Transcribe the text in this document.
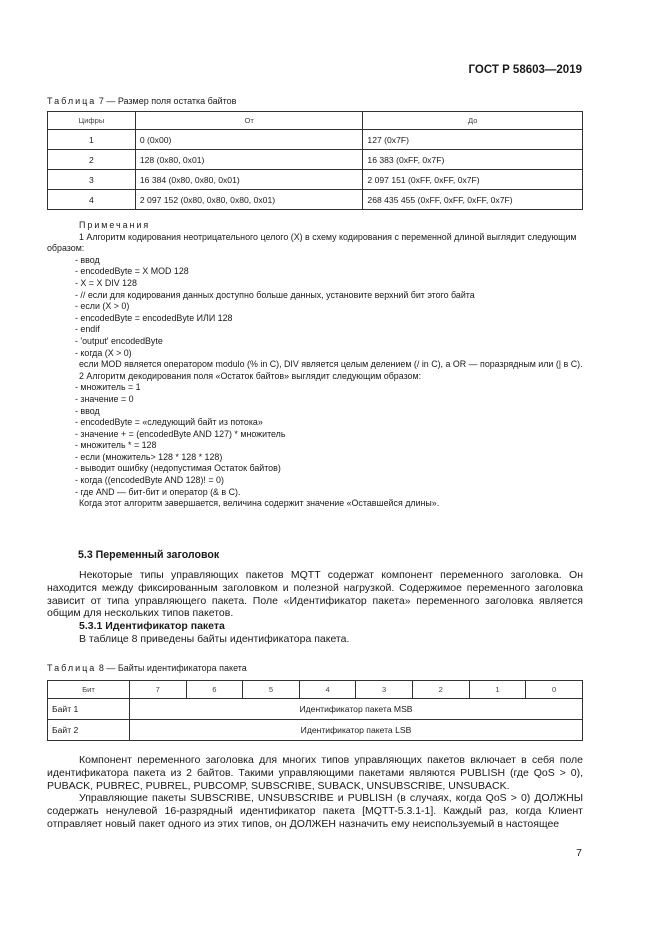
ГОСТ Р 58603—2019
Таблица 7 — Размер поля остатка байтов
Цифры	От	До
1	0 (0x00)	127 (0x7F)
2	128 (0x80, 0x01)	16 383 (0xFF, 0x7F)
3	16 384 (0x80, 0x80, 0x01)	2 097 151 (0xFF, 0xFF, 0x7F)
4	2 097 152 (0x80, 0x80, 0x80, 0x01)	268 435 455 (0xFF, 0xFF, 0xFF, 0x7F)

Примечания

1 Алгоритм кодирования неотрицательного целого (X) в схему кодирования с переменной длиной выглядит следующим образом:

- ввод

- encodedByte = X MOD 128

- X = X DIV 128

- // если для кодирования данных доступно больше данных, установите верхний бит этого байта

- если (X > 0)

- encodedByte = encodedByte ИЛИ 128

- endif

- 'output' encodedByte

- когда (X > 0)

если MOD является оператором modulo (% in C), DIV является целым делением (/ in C), а OR — поразрядным или (| в C).

2 Алгоритм декодирования поля «Остаток байтов» выглядит следующим образом:

- множитель = 1

- значение = 0

- ввод

- encodedByte = «следующий байт из потока»

- значение + = (encodedByte AND 127) * множитель

- множитель * = 128

- если (множитель> 128 * 128 * 128)

- выводит ошибку (недопустимая Остаток байтов)

- когда ((encodedByte AND 128)! = 0)

- где AND — бит-бит и оператор (& в C).

Когда этот алгоритм завершается, величина содержит значение «Оставшейся длины».

5.3 Переменный заголовок

Некоторые типы управляющих пакетов MQTT содержат компонент переменного заголовка. Он находится между фиксированным заголовком и полезной нагрузкой. Содержимое переменного заголовка зависит от типа управляющего пакета. Поле «Идентификатор пакета» переменного заголовка является общим для нескольких типов пакетов.

5.3.1 Идентификатор пакета

В таблице 8 приведены байты идентификатора пакета.

Таблица 8 — Байты идентификатора пакета
Бит	7	6	5	4	3	2	1	0
Байт 1	Идентификатор пакета MSB							
Байт 2	Идентификатор пакета LSB							

Компонент переменного заголовка для многих типов управляющих пакетов включает в себя поле идентификатора пакета из 2 байтов. Такими управляющими пакетами являются PUBLISH (где QoS > 0), PUBACK, PUBREC, PUBREL, PUBCOMP, SUBSCRIBE, SUBACK, UNSUBSCRIBE, UNSUBACK.

Управляющие пакеты SUBSCRIBE, UNSUBSCRIBE и PUBLISH (в случаях, когда QoS > 0) ДОЛЖНЫ содержать ненулевой 16-разрядный идентификатор пакета [MQTT-5.3.1-1]. Каждый раз, когда Клиент отправляет новый пакет одного из этих типов, он ДОЛЖЕН назначить ему неиспользуемый в настоящее

7
